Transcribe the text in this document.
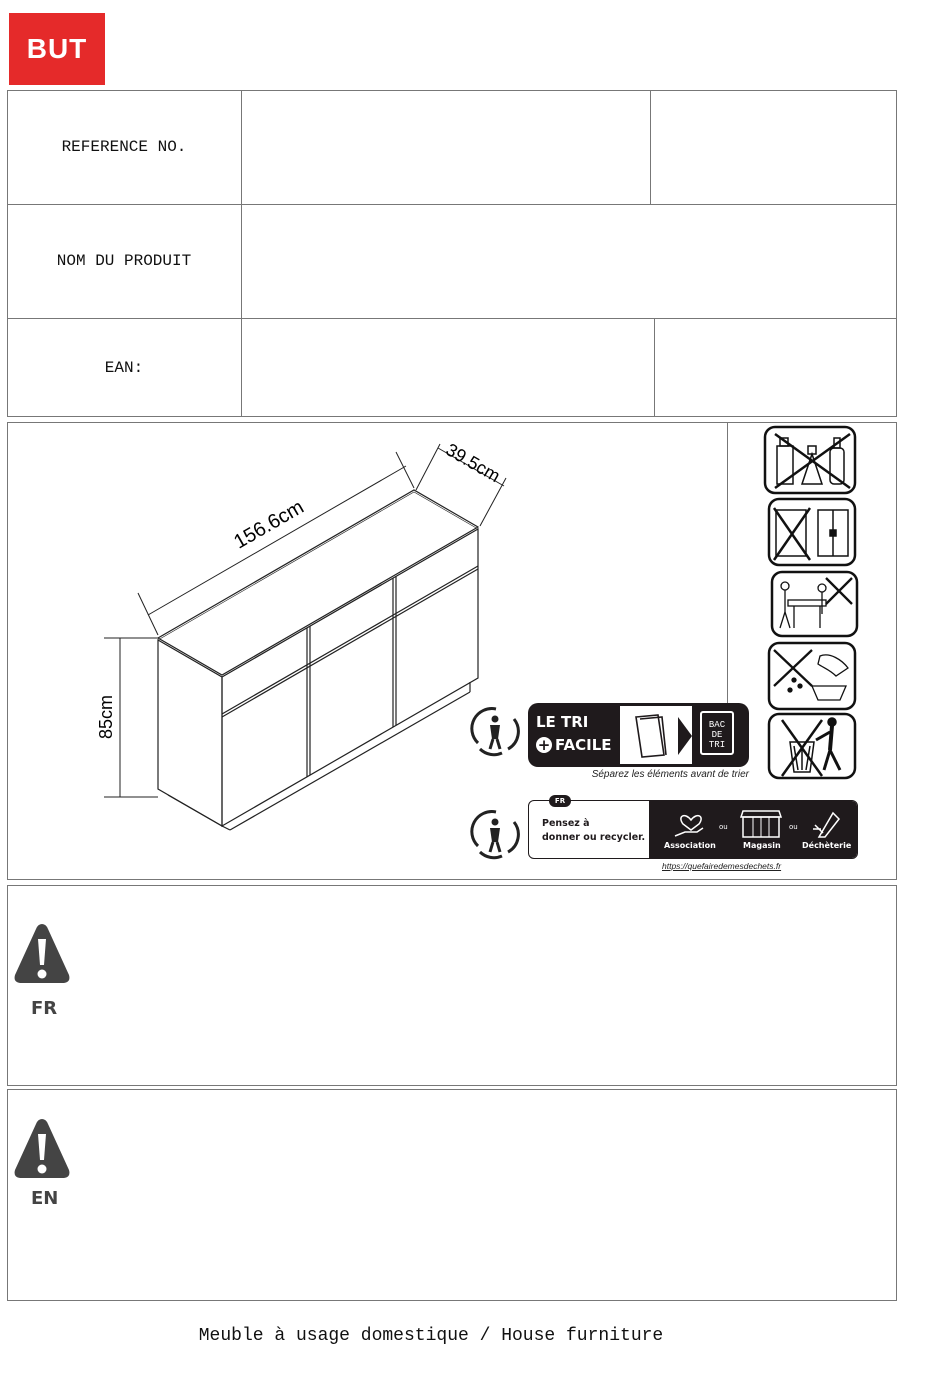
BUT
REFERENCE NO.
NOM DU PRODUIT
EAN:
156.6cm
39.5cm
85cm	LE TRI
+ FACILE
BAC
DE
TRI
Séparez les éléments avant de trier
Pensez à
donner ou recycler.
ou	ou
Association	Magasin	Déchèterie
FR
https://quefairedemesdechets.fr
FR
EN
Meuble à usage domestique / House furniture
